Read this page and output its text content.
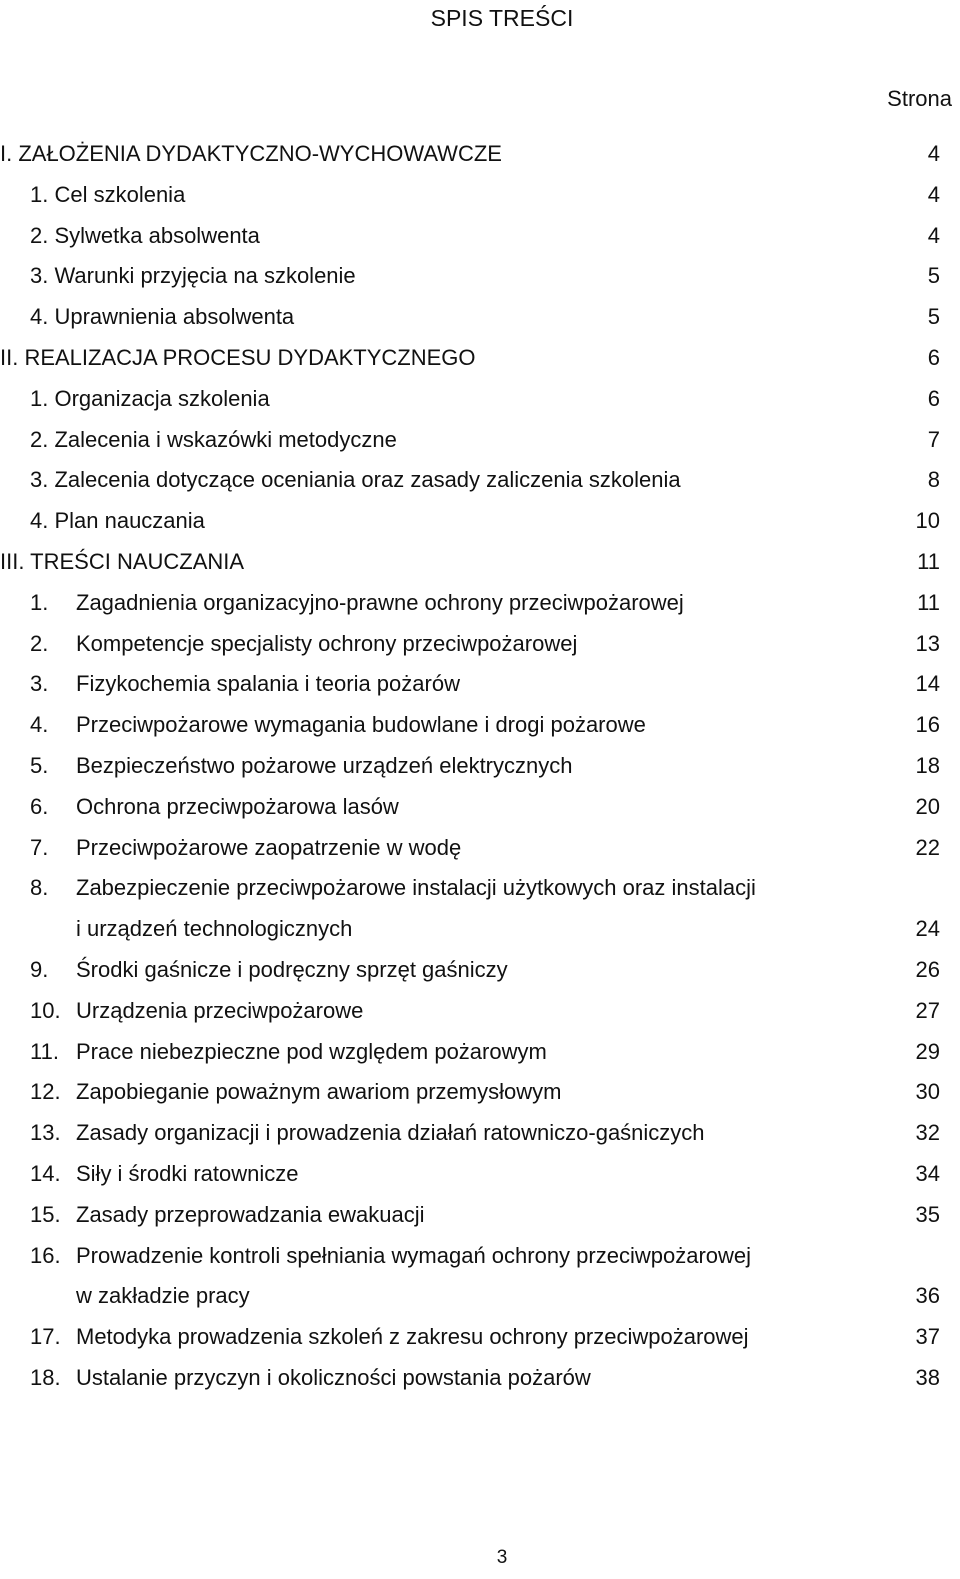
SPIS TREŚCI
Strona
I. ZAŁOŻENIA DYDAKTYCZNO-WYCHOWAWCZE	4
1. Cel szkolenia	4
2. Sylwetka absolwenta	4
3. Warunki przyjęcia na szkolenie	5
4. Uprawnienia absolwenta	5
II. REALIZACJA PROCESU DYDAKTYCZNEGO	6
1. Organizacja szkolenia	6
2. Zalecenia i wskazówki metodyczne	7
3. Zalecenia dotyczące oceniania oraz zasady zaliczenia szkolenia	8
4. Plan nauczania	10
III. TREŚCI NAUCZANIA	11
1. Zagadnienia organizacyjno-prawne ochrony przeciwpożarowej	11
2. Kompetencje specjalisty ochrony przeciwpożarowej	13
3. Fizykochemia spalania i teoria pożarów	14
4. Przeciwpożarowe wymagania budowlane i drogi pożarowe	16
5. Bezpieczeństwo pożarowe urządzeń elektrycznych	18
6. Ochrona przeciwpożarowa lasów	20
7. Przeciwpożarowe zaopatrzenie w wodę	22
8. Zabezpieczenie przeciwpożarowe instalacji użytkowych oraz instalacji
i urządzeń technologicznych	24
9. Środki gaśnicze i podręczny sprzęt gaśniczy	26
10. Urządzenia przeciwpożarowe	27
11. Prace niebezpieczne pod względem pożarowym	29
12. Zapobieganie poważnym awariom przemysłowym	30
13. Zasady organizacji i prowadzenia działań ratowniczo-gaśniczych	32
14. Siły i środki ratownicze	34
15. Zasady przeprowadzania ewakuacji	35
16. Prowadzenie kontroli spełniania wymagań ochrony przeciwpożarowej
w zakładzie pracy	36
17. Metodyka prowadzenia szkoleń z zakresu ochrony przeciwpożarowej	37
18. Ustalanie przyczyn i okoliczności powstania pożarów	38
3
